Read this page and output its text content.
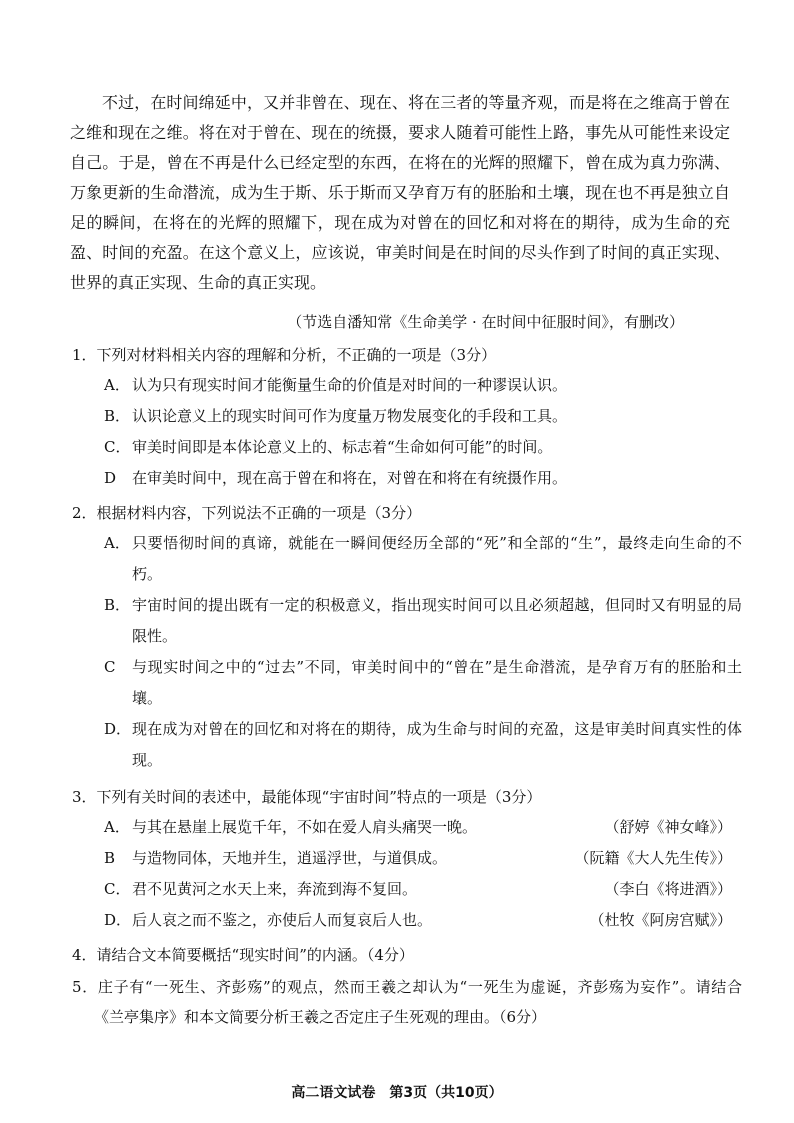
不过，在时间绵延中，又并非曾在、现在、将在三者的等量齐观，而是将在之维高于曾在之维和现在之维。将在对于曾在、现在的统摄，要求人随着可能性上路，事先从可能性来设定自己。于是，曾在不再是什么已经定型的东西，在将在的光辉的照耀下，曾在成为真力弥满、万象更新的生命潜流，成为生于斯、乐于斯而又孕育万有的胚胎和土壤，现在也不再是独立自足的瞬间，在将在的光辉的照耀下，现在成为对曾在的回忆和对将在的期待，成为生命的充盈、时间的充盈。在这个意义上，应该说，审美时间是在时间的尽头作到了时间的真正实现、世界的真正实现、生命的真正实现。

（节选自潘知常《生命美学 · 在时间中征服时间》，有删改）
1．下列对材料相关内容的理解和分析，不正确的一项是（3分）
A． 认为只有现实时间才能衡量生命的价值是对时间的一种谬误认识。
B． 认识论意义上的现实时间可作为度量万物发展变化的手段和工具。
C． 审美时间即是本体论意义上的、标志着“生命如何可能”的时间。
D 在审美时间中，现在高于曾在和将在，对曾在和将在有统摄作用。
2．根据材料内容，下列说法不正确的一项是（3分）
A． 只要悟彻时间的真谛，就能在一瞬间便经历全部的“死”和全部的“生”，最终走向生命的不朽。
B． 宇宙时间的提出既有一定的积极意义，指出现实时间可以且必须超越，但同时又有明显的局限性。
C 与现实时间之中的“过去”不同，审美时间中的“曾在”是生命潜流，是孕育万有的胚胎和土壤。
D． 现在成为对曾在的回忆和对将在的期待，成为生命与时间的充盈，这是审美时间真实性的体现。
3．下列有关时间的表述中，最能体现“宇宙时间”特点的一项是（3分）
A． 与其在悬崖上展览千年，不如在爱人肩头痛哭一晚。	（舒婷《神女峰》）
B 与造物同体，天地并生，逍遥浮世，与道俱成。	（阮籍《大人先生传》）
C． 君不见黄河之水天上来，奔流到海不复回。	（李白《将进酒》）
D． 后人哀之而不鉴之，亦使后人而复哀后人也。	（杜牧《阿房宫赋》）
4．请结合文本简要概括“现实时间”的内涵。（4分）
5．庄子有“一死生、齐彭殇”的观点，然而王羲之却认为“一死生为虚诞，齐彭殇为妄作”。请结合《兰亭集序》和本文简要分析王羲之否定庄子生死观的理由。（6分）
高二语文试卷　第3页（共10页）
